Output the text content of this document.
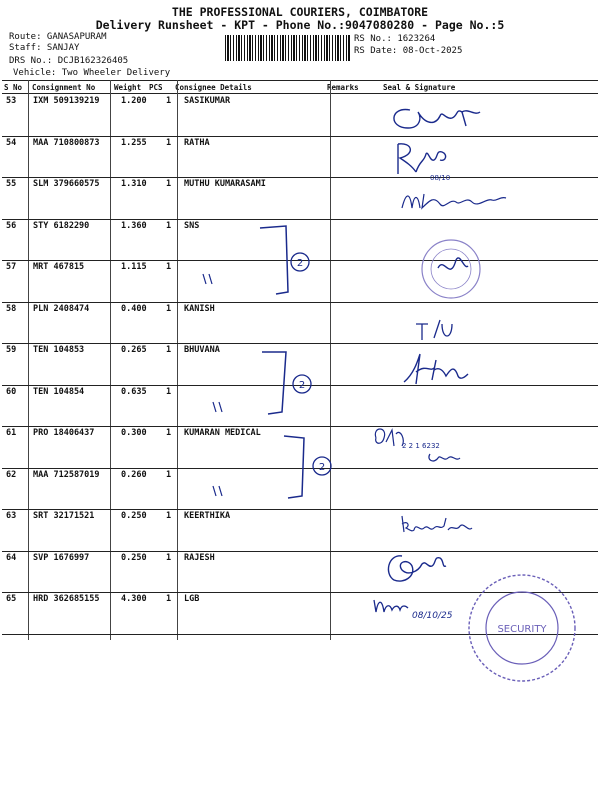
THE PROFESSIONAL COURIERS, COIMBATORE
Delivery Runsheet - KPT - Phone No.:9047080280 - Page No.:5
Route: GANASAPURAM
Staff: SANJAY
DRS No.: DCJB162326405
Vehicle: Two Wheeler Delivery
RS No.: 1623264
RS Date: 08-Oct-2025
S No Consignment No	Weight PCS Consignee Details	Remarks	Seal & Signature
53 IXM 509139219	1.200 1 SASIKUMAR
54 MAA 710800873	1.255 1 RATHA
55 SLM 379660575	1.310 1 MUTHU KUMARASAMI
56 STY 6182290	1.360 1 SNS
57 MRT 467815	1.115 1
58 PLN 2408474	0.400 1 KANISH
59 TEN 104853	0.265 1 BHUVANA
60 TEN 104854	0.635 1
61 PRO 18406437	0.300 1 KUMARAN MEDICAL
62 MAA 712587019	0.260 1
63 SRT 32171521	0.250 1 KEERTHIKA
64 SVP 1676997	0.250 1 RAJESH
65 HRD 362685155	4.300 1 LGB
08/10
2 2 1 6232
08/10/25
SECURITY
2
2
2
